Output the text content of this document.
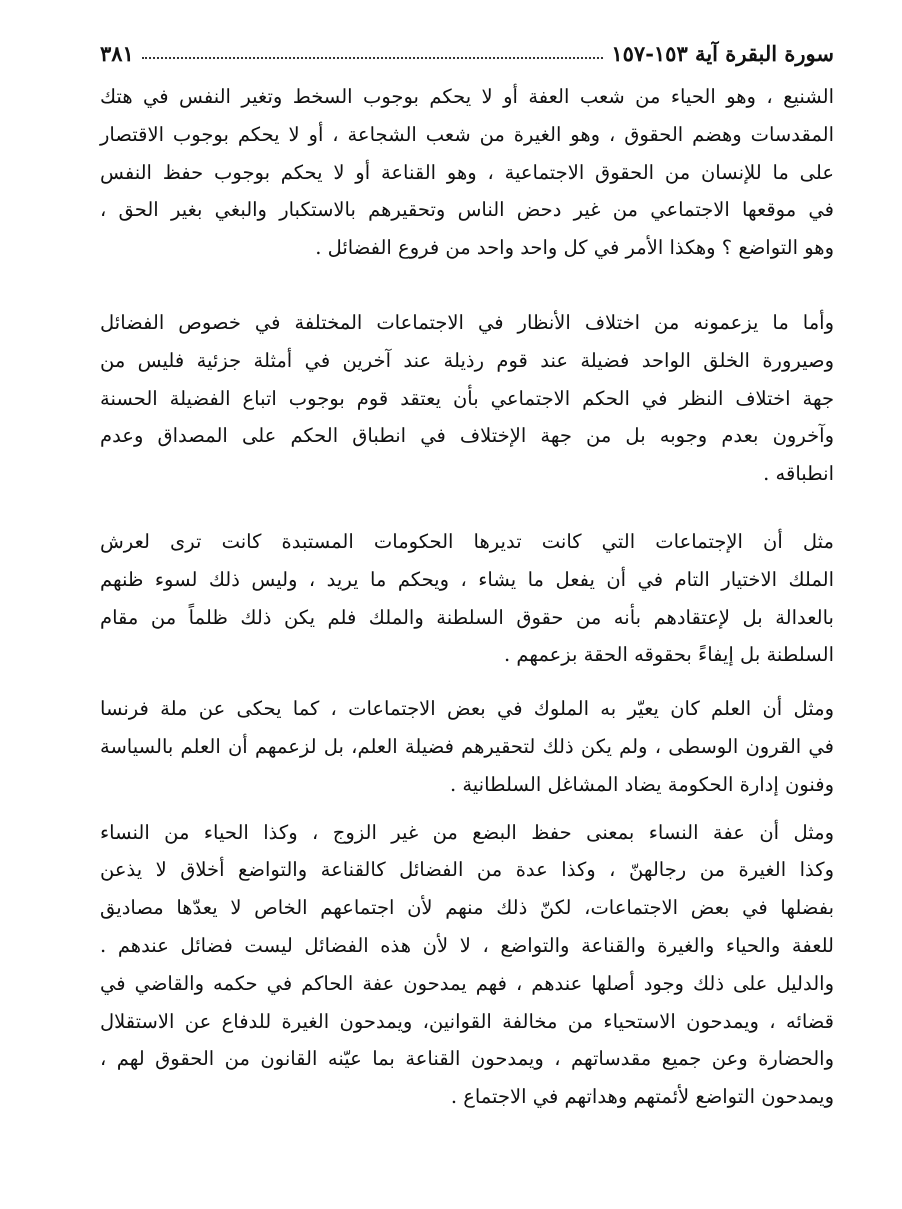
سورة البقرة آية ١٥٣-١٥٧
٣٨١
الشنيع ، وهو الحياء من شعب العفة أو لا يحكم بوجوب السخط وتغير النفس في هتك
المقدسات وهضم الحقوق ، وهو الغيرة من شعب الشجاعة ، أو لا يحكم بوجوب الاقتصار
على ما للإنسان من الحقوق الاجتماعية ، وهو القناعة أو لا يحكم بوجوب حفظ النفس
في موقعها الاجتماعي من غير دحض الناس وتحقيرهم بالاستكبار والبغي بغير الحق ،
وهو التواضع ؟ وهكذا الأمر في كل واحد واحد من فروع الفضائل .
وأما ما يزعمونه من اختلاف الأنظار في الاجتماعات المختلفة في خصوص الفضائل
وصيرورة الخلق الواحد فضيلة عند قوم رذيلة عند آخرين في أمثلة جزئية فليس من
جهة اختلاف النظر في الحكم الاجتماعي بأن يعتقد قوم بوجوب اتباع الفضيلة الحسنة
وآخرون بعدم وجوبه بل من جهة الإختلاف في انطباق الحكم على المصداق وعدم
انطباقه .
مثل أن الإجتماعات التي كانت تديرها الحكومات المستبدة كانت ترى لعرش
الملك الاختيار التام في أن يفعل ما يشاء ، ويحكم ما يريد ، وليس ذلك لسوء ظنهم
بالعدالة بل لإعتقادهم بأنه من حقوق السلطنة والملك فلم يكن ذلك ظلماً من مقام
السلطنة بل إيفاءً بحقوقه الحقة بزعمهم .
ومثل أن العلم كان يعيّر به الملوك في بعض الاجتماعات ، كما يحكى عن ملة فرنسا
في القرون الوسطى ، ولم يكن ذلك لتحقيرهم فضيلة العلم، بل لزعمهم أن العلم بالسياسة
وفنون إدارة الحكومة يضاد المشاغل السلطانية .
ومثل أن عفة النساء بمعنى حفظ البضع من غير الزوج ، وكذا الحياء من النساء
وكذا الغيرة من رجالهنّ ، وكذا عدة من الفضائل كالقناعة والتواضع أخلاق لا يذعن
بفضلها في بعض الاجتماعات، لكنّ ذلك منهم لأن اجتماعهم الخاص لا يعدّها مصاديق
للعفة والحياء والغيرة والقناعة والتواضع ، لا لأن هذه الفضائل ليست فضائل عندهم .
والدليل على ذلك وجود أصلها عندهم ، فهم يمدحون عفة الحاكم في حكمه والقاضي في
قضائه ، ويمدحون الاستحياء من مخالفة القوانين، ويمدحون الغيرة للدفاع عن الاستقلال
والحضارة وعن جميع مقدساتهم ، ويمدحون القناعة بما عيّنه القانون من الحقوق لهم ،
ويمدحون التواضع لأئمتهم وهداتهم في الاجتماع .
